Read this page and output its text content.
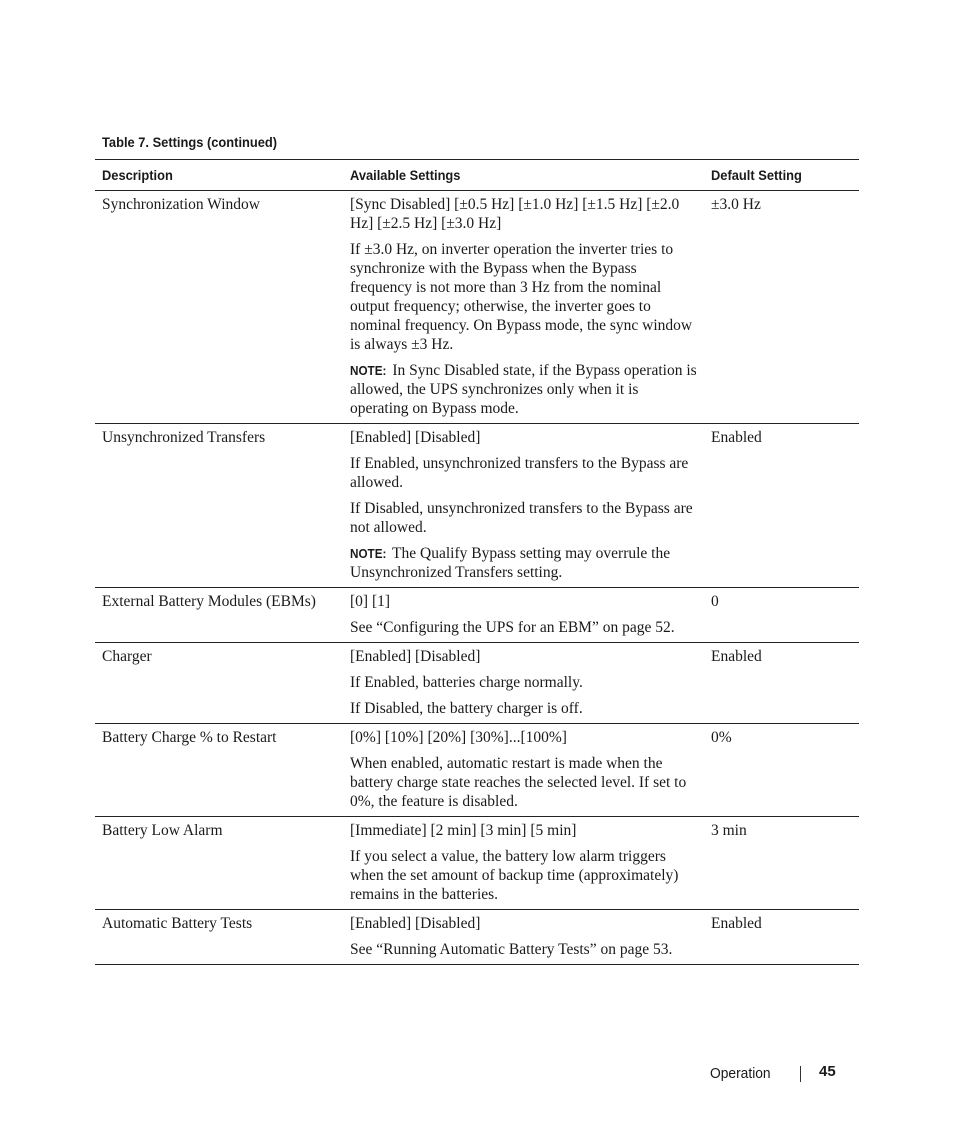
Table 7. Settings (continued)
Description	Available Settings	Default Setting
Synchronization Window	[Sync Disabled] [±0.5 Hz] [±1.0 Hz] [±1.5 Hz] [±2.0 Hz] [±2.5 Hz] [±3.0 Hz]

If ±3.0 Hz, on inverter operation the inverter tries to synchronize with the Bypass when the Bypass frequency is not more than 3 Hz from the nominal output frequency; otherwise, the inverter goes to nominal frequency. On Bypass mode, the sync window is always ±3 Hz.

NOTE: In Sync Disabled state, if the Bypass operation is allowed, the UPS synchronizes only when it is operating on Bypass mode.	±3.0 Hz
Unsynchronized Transfers	[Enabled] [Disabled]

If Enabled, unsynchronized transfers to the Bypass are allowed.

If Disabled, unsynchronized transfers to the Bypass are not allowed.

NOTE: The Qualify Bypass setting may overrule the Unsynchronized Transfers setting.	Enabled
External Battery Modules (EBMs)	[0] [1]

See “Configuring the UPS for an EBM” on page 52.	0
Charger	[Enabled] [Disabled]

If Enabled, batteries charge normally.

If Disabled, the battery charger is off.	Enabled
Battery Charge % to Restart	[0%] [10%] [20%] [30%]...[100%]

When enabled, automatic restart is made when the battery charge state reaches the selected level. If set to 0%, the feature is disabled.	0%
Battery Low Alarm	[Immediate] [2 min] [3 min] [5 min]

If you select a value, the battery low alarm triggers when the set amount of backup time (approximately) remains in the batteries.	3 min
Automatic Battery Tests	[Enabled] [Disabled]

See “Running Automatic Battery Tests” on page 53.	Enabled
Operation	45
